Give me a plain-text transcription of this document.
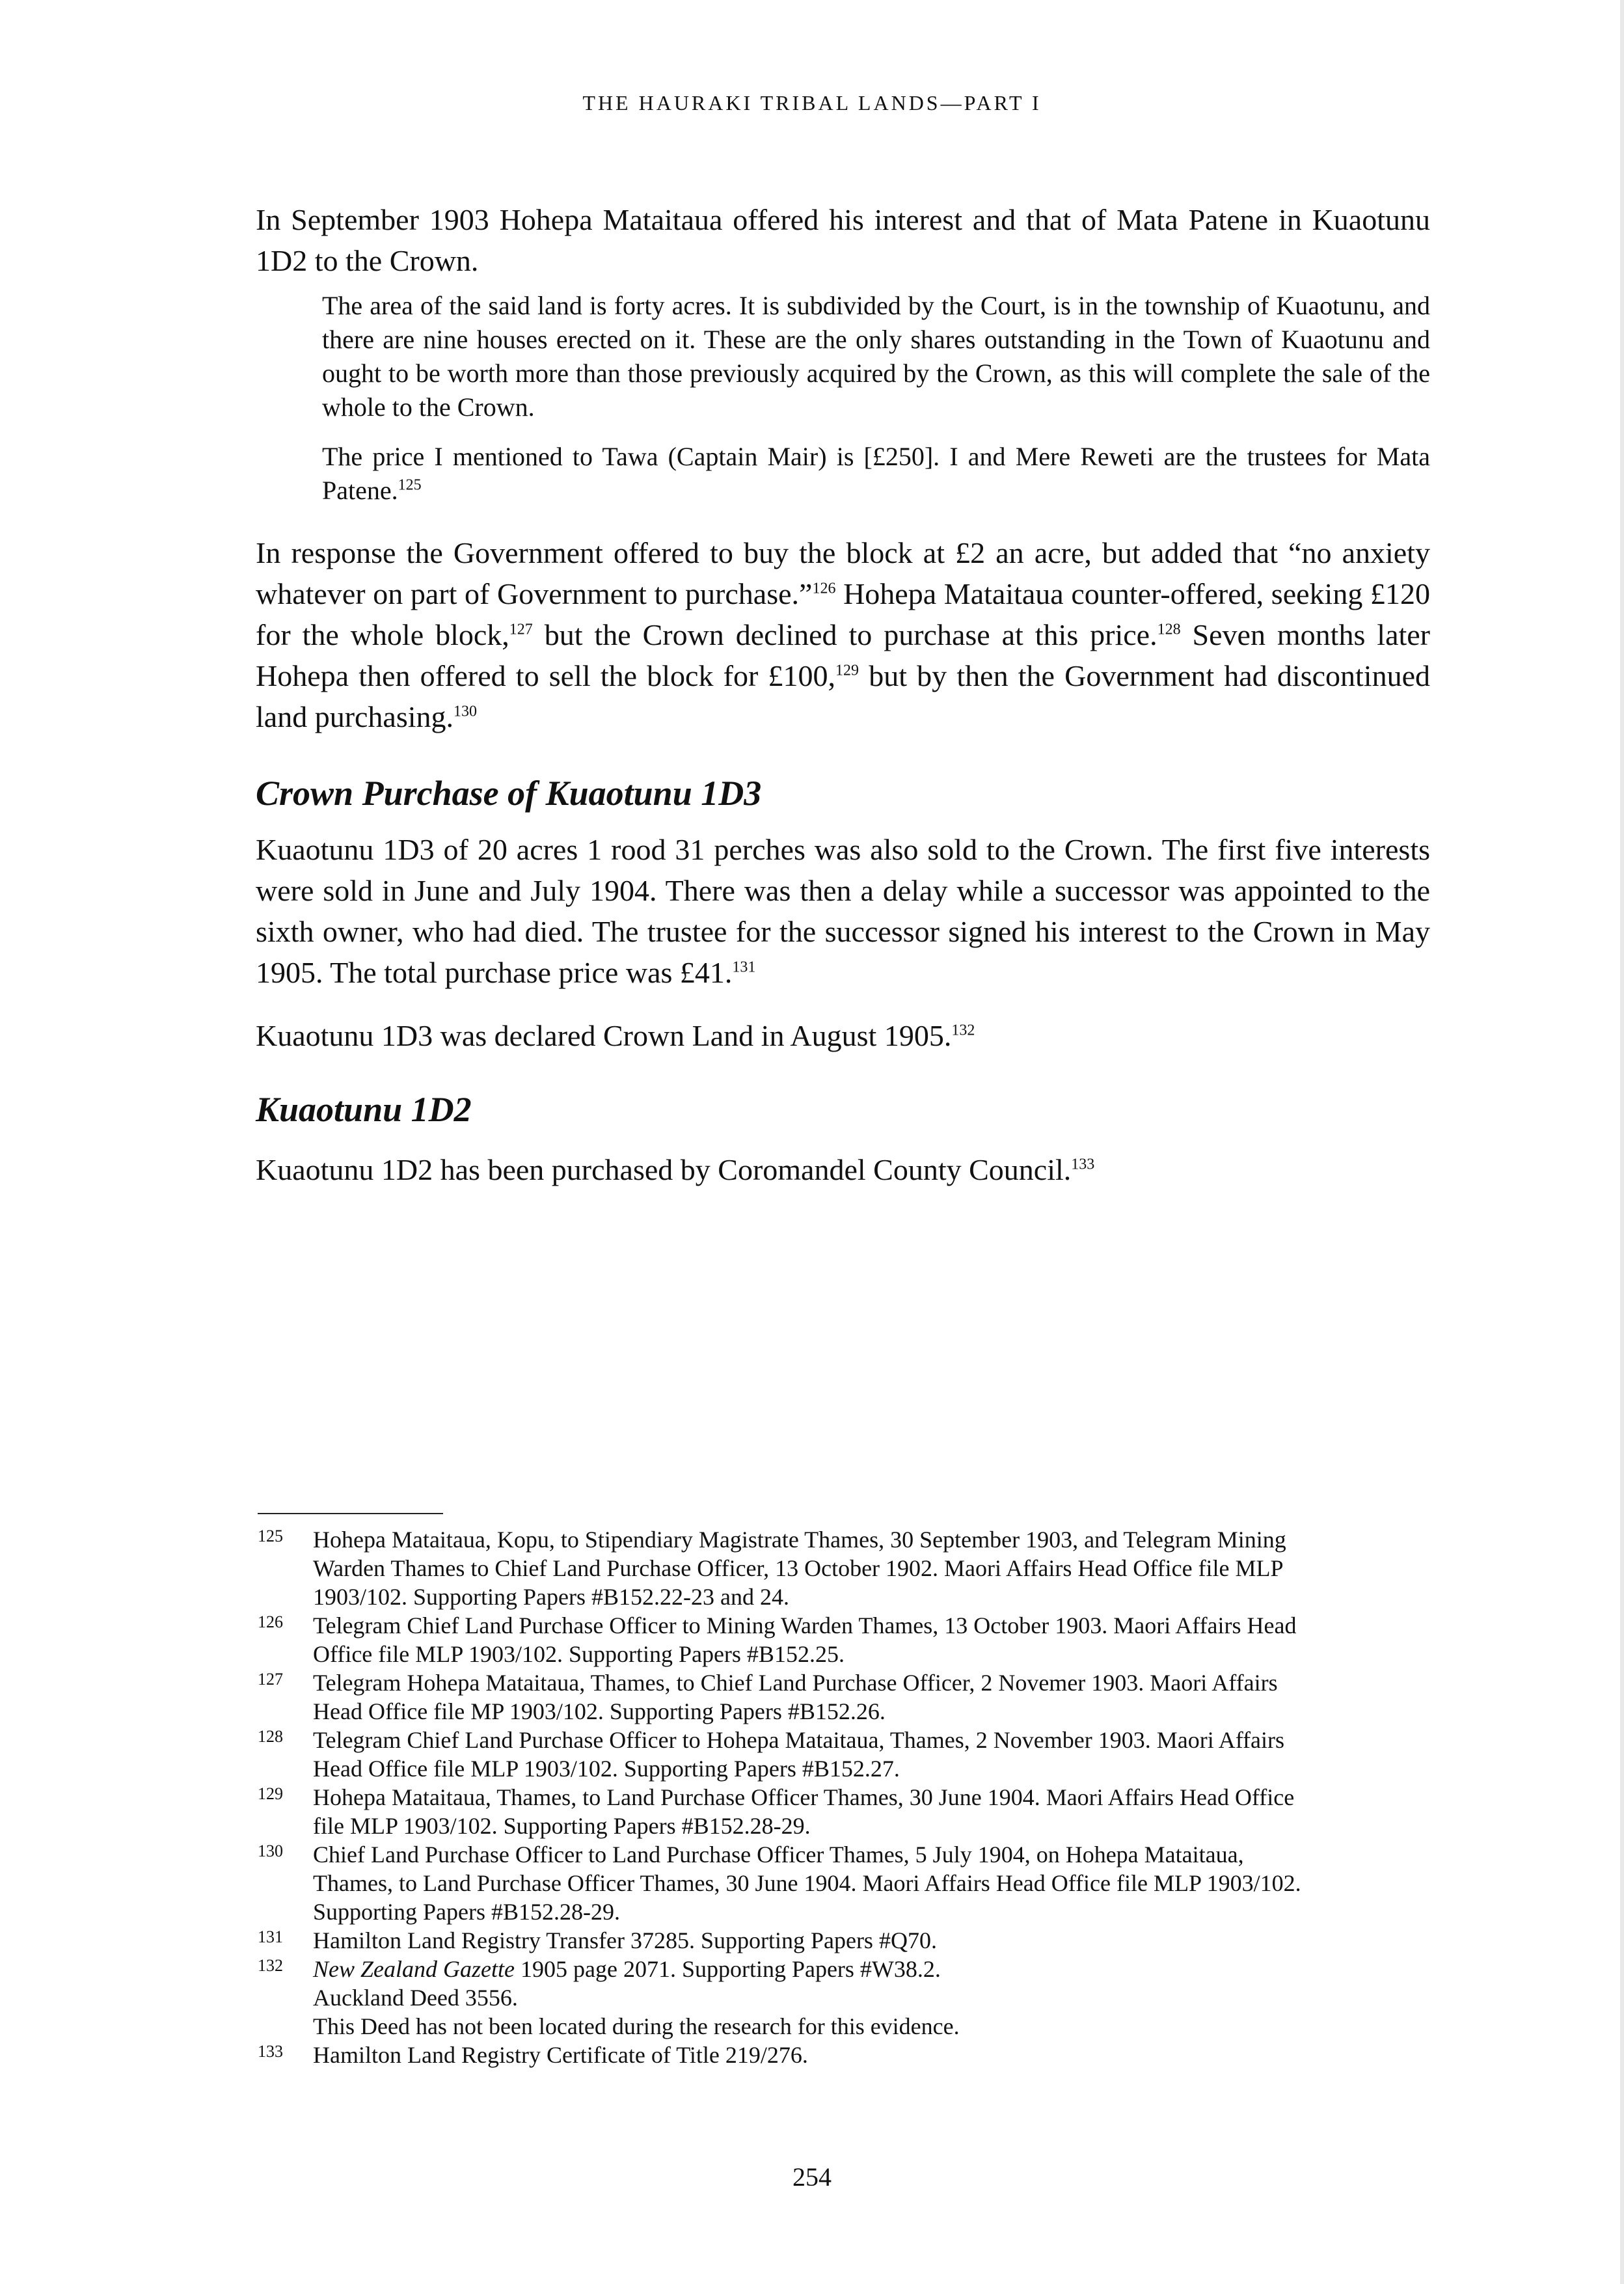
THE HAURAKI TRIBAL LANDS—PART I

In September 1903 Hohepa Mataitaua offered his interest and that of Mata Patene in Kuaotunu 1D2 to the Crown.

The area of the said land is forty acres. It is subdivided by the Court, is in the township of Kuaotunu, and there are nine houses erected on it. These are the only shares outstanding in the Town of Kuaotunu and ought to be worth more than those previously acquired by the Crown, as this will complete the sale of the whole to the Crown.

The price I mentioned to Tawa (Captain Mair) is [£250]. I and Mere Reweti are the trustees for Mata Patene.$^{125}$

In response the Government offered to buy the block at £2 an acre, but added that “no anxiety whatever on part of Government to purchase.”$^{126}$ Hohepa Mataitaua counter-offered, seeking £120 for the whole block,$^{127}$ but the Crown declined to purchase at this price.$^{128}$ Seven months later Hohepa then offered to sell the block for £100,$^{129}$ but by then the Government had discontinued land purchasing.$^{130}$

Crown Purchase of Kuaotunu 1D3

Kuaotunu 1D3 of 20 acres 1 rood 31 perches was also sold to the Crown. The first five interests were sold in June and July 1904. There was then a delay while a successor was appointed to the sixth owner, who had died. The trustee for the successor signed his interest to the Crown in May 1905. The total purchase price was £41.$^{131}$

Kuaotunu 1D3 was declared Crown Land in August 1905.$^{132}$

Kuaotunu 1D2

Kuaotunu 1D2 has been purchased by Coromandel County Council.$^{133}$

125	Hohepa Mataitaua, Kopu, to Stipendiary Magistrate Thames, 30 September 1903, and Telegram Mining
Warden Thames to Chief Land Purchase Officer, 13 October 1902. Maori Affairs Head Office file MLP
1903/102. Supporting Papers #B152.22-23 and 24.
126	Telegram Chief Land Purchase Officer to Mining Warden Thames, 13 October 1903. Maori Affairs Head
Office file MLP 1903/102. Supporting Papers #B152.25.
127	Telegram Hohepa Mataitaua, Thames, to Chief Land Purchase Officer, 2 Novemer 1903. Maori Affairs
Head Office file MP 1903/102. Supporting Papers #B152.26.
128	Telegram Chief Land Purchase Officer to Hohepa Mataitaua, Thames, 2 November 1903. Maori Affairs
Head Office file MLP 1903/102. Supporting Papers #B152.27.
129	Hohepa Mataitaua, Thames, to Land Purchase Officer Thames, 30 June 1904. Maori Affairs Head Office
file MLP 1903/102. Supporting Papers #B152.28-29.
130	Chief Land Purchase Officer to Land Purchase Officer Thames, 5 July 1904, on Hohepa Mataitaua,
Thames, to Land Purchase Officer Thames, 30 June 1904. Maori Affairs Head Office file MLP 1903/102.
Supporting Papers #B152.28-29.
131	Hamilton Land Registry Transfer 37285. Supporting Papers #Q70.
132	New Zealand Gazette 1905 page 2071. Supporting Papers #W38.2.
Auckland Deed 3556.
This Deed has not been located during the research for this evidence.
133	Hamilton Land Registry Certificate of Title 219/276.
254
